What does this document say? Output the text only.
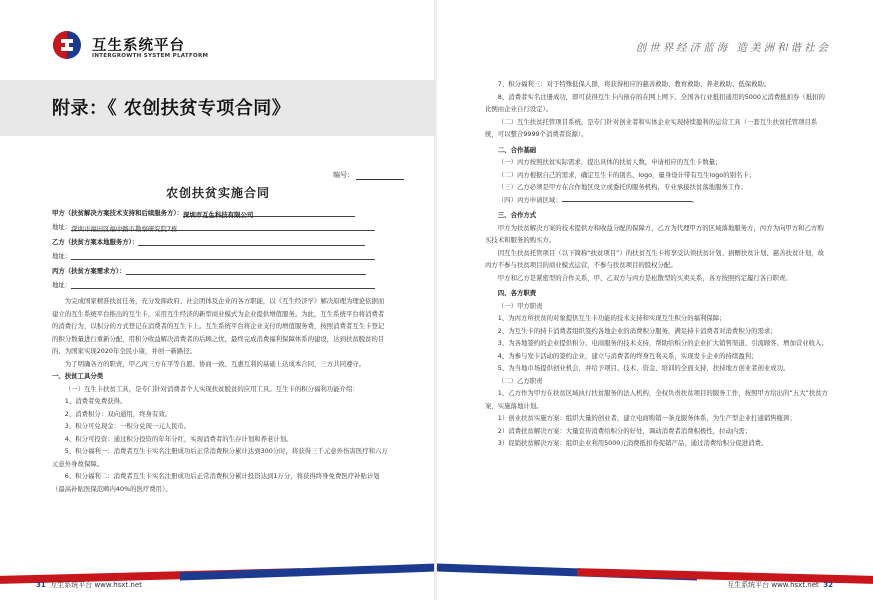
互生系统平台
INTERGROWTH SYSTEM PLATFORM
附录：《 农创扶贫专项合同》
编号：
农创扶贫实施合同
甲方（扶贫解决方案技术支持和后续服务方）：深圳市互生科技有限公司
地址：深圳市福田区福中路市勘察研究院7栋
乙方（扶贫方案本地服务方）：
地址：
丙方（扶贫方案需求方）：
地址：

为完成国家精准扶贫任务，充分发挥政府、社会团体及企业的各方职能，以《互生经济学》解决原理为理论依据而建立的互生系统平台推出的互生卡，采用互生经济的新型商业模式为企业提供增值服务。为此，互生系统平台将消费者的消费行为，以积分的方式登记在消费者的互生卡上。互生系统平台将企业支付的增值服务费，按照消费者互生卡登记的积分数量进行重新分配，用积分收益解决消费者的后顾之忧，最终完成消费福利保障体系的建设，达到扶贫脱贫的目的，为国家实现2020年全民小康，并创一新路径。

为了明确各方的职责，甲乙丙三方在平等自愿、协商一致、互惠互利的基础上达成本合同，三方共同遵守。

一、扶贫工具分类

（一）互生卡扶贫工具，是专门针对消费者个人实现扶贫脱贫的应用工具。互生卡的积分福利功能介绍：

1、消费者免费获得。

2、消费积分：双向通用，终身有效。

3、积分可兑现金：一积分兑现一元人民币。

4、积分可投资：通过积分投资的年年分红，实现消费者的生存计划和养老计划。

5、积分福利一：消费者互生卡实名注册成功后正常消费积分累计达到300分时，将获得三千元意外伤害医疗和六万元意外身故保障。

6、积分福利二：消费者互生卡实名注册成功后正常消费积分累计投资达到1万分，将获得终身免费医疗补贴计划（最高补贴医保范畴内40%的医疗费用）。

31 互生系统平台 www.hsxt.net
创世界经济蓝海 造美洲和谐社会

7、积分福利三：对于特殊低保人群，将获得相应的慈善救助、教育救助、养老救助、低保救助。

8、消费者实名注册成功，即可获得互生卡内预存的在网上网下、全国各行业抵扣通用的5000元消费抵扣券（抵扣的比例由企业自行设定）。

（二）互生扶贫托管项目系统，是专门针对创业者和实体企业实现持续盈利的运营工具（一套互生扶贫托管项目系统，可以整合9999个消费者资源）。

二、合作基础

（一）丙方按照扶贫实际需求，提出具体的扶贫人数，申请相应的互生卡数量；

（二）丙方根据自己的需求，确定互生卡的别名、logo，量身设计带有互生logo的别名卡；

（三）乙方必须是甲方在合作地区设立或委托的服务机构，专业承接扶贫落地服务工作；

（四）丙方申请区域：	。

三、合作方式

甲方为扶贫解决方案的技术提供方和收益分配的保障方，乙方为代理甲方的区域落地服务方，丙方为向甲方和乙方购买技术和服务的购买方。

因互生扶贫托管项目（以下简称“扶贫项目”）的扶贫互生卡将享受认领扶贫计划、捐赠扶贫计划、慈善扶贫计划，故丙方不参与扶贫项目的商业模式运营，不参与扶贫项目的股权分配。

甲方和乙方是紧密型的合作关系，甲、乙双方与丙方是松散型的买卖关系，各方按照约定履行各自职责。

四、各方职责

（一）甲方职责

1、为丙方所扶贫的对象提供互生卡功能的技术支持和实现互生积分的福利保障；

2、为互生卡的持卡消费者组织签约各地企业的消费积分服务，满足持卡消费者对消费积分的需求；

3、为各地签约的企业提供积分、电商服务的技术支持，帮助给积分的企业扩大销售渠道、引流顾客、增加营业收入；

4、为参与发卡活动的签约企业，建立与消费者的终身互利关系，实现发卡企业的持续盈利；

5、为当地市场提供创业机会，并给予项目、技术、资金、培训的全面支持，扶持地方创业者创业成功。

（二）乙方职责

1、乙方作为甲方在扶贫区域执行扶贫服务的法人机构，全权负责扶贫项目的服务工作，按照甲方给出的“五大”扶贫方案，实施落地计划。

1）创业扶贫实施方案：组织大量的创业者，建立电商购销一条龙服务体系，为生产型企业打通销售瓶颈；

2）消费扶贫解决方案：大量宣传消费给积分的好处，调动消费者消费积极性，拉动内需；

3）促销扶贫解决方案：组织企业利用5000元消费抵扣券促销产品，通过消费给积分促进消费。

互生系统平台 www.hsxt.net 32
